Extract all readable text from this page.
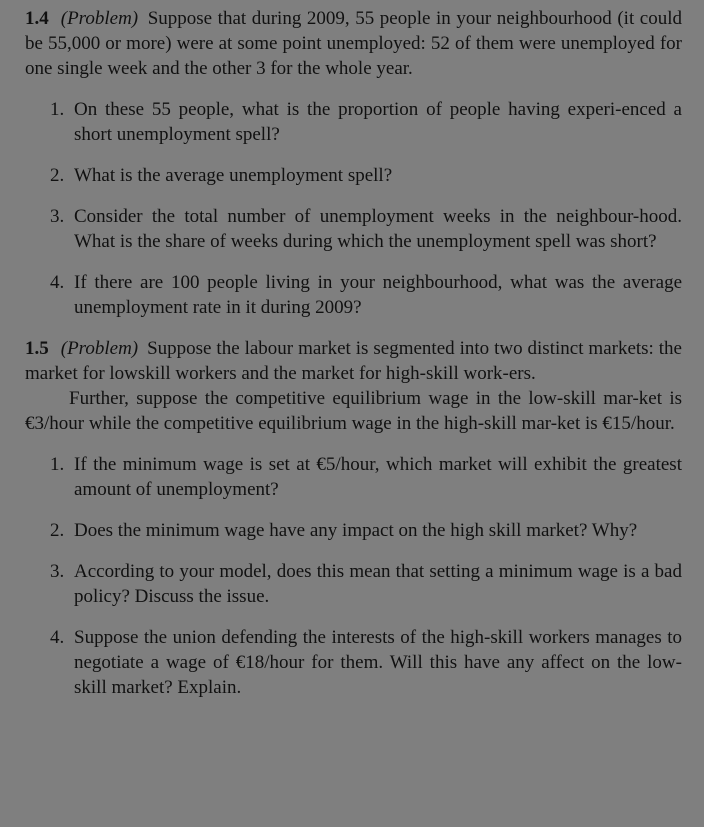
1.4 (Problem) Suppose that during 2009, 55 people in your neighbourhood (it could be 55,000 or more) were at some point unemployed: 52 of them were unemployed for one single week and the other 3 for the whole year.

1. On these 55 people, what is the proportion of people having experi-enced a short unemployment spell?
2. What is the average unemployment spell?
3. Consider the total number of unemployment weeks in the neighbour-hood. What is the share of weeks during which the unemployment spell was short?
4. If there are 100 people living in your neighbourhood, what was the average unemployment rate in it during 2009?

1.5 (Problem) Suppose the labour market is segmented into two distinct markets: the market for lowskill workers and the market for high-skill work-ers.

Further, suppose the competitive equilibrium wage in the low-skill mar-ket is €3/hour while the competitive equilibrium wage in the high-skill mar-ket is €15/hour.

1. If the minimum wage is set at €5/hour, which market will exhibit the greatest amount of unemployment?
2. Does the minimum wage have any impact on the high skill market? Why?
3. According to your model, does this mean that setting a minimum wage is a bad policy? Discuss the issue.
4. Suppose the union defending the interests of the high-skill workers manages to negotiate a wage of €18/hour for them. Will this have any affect on the low-skill market? Explain.
